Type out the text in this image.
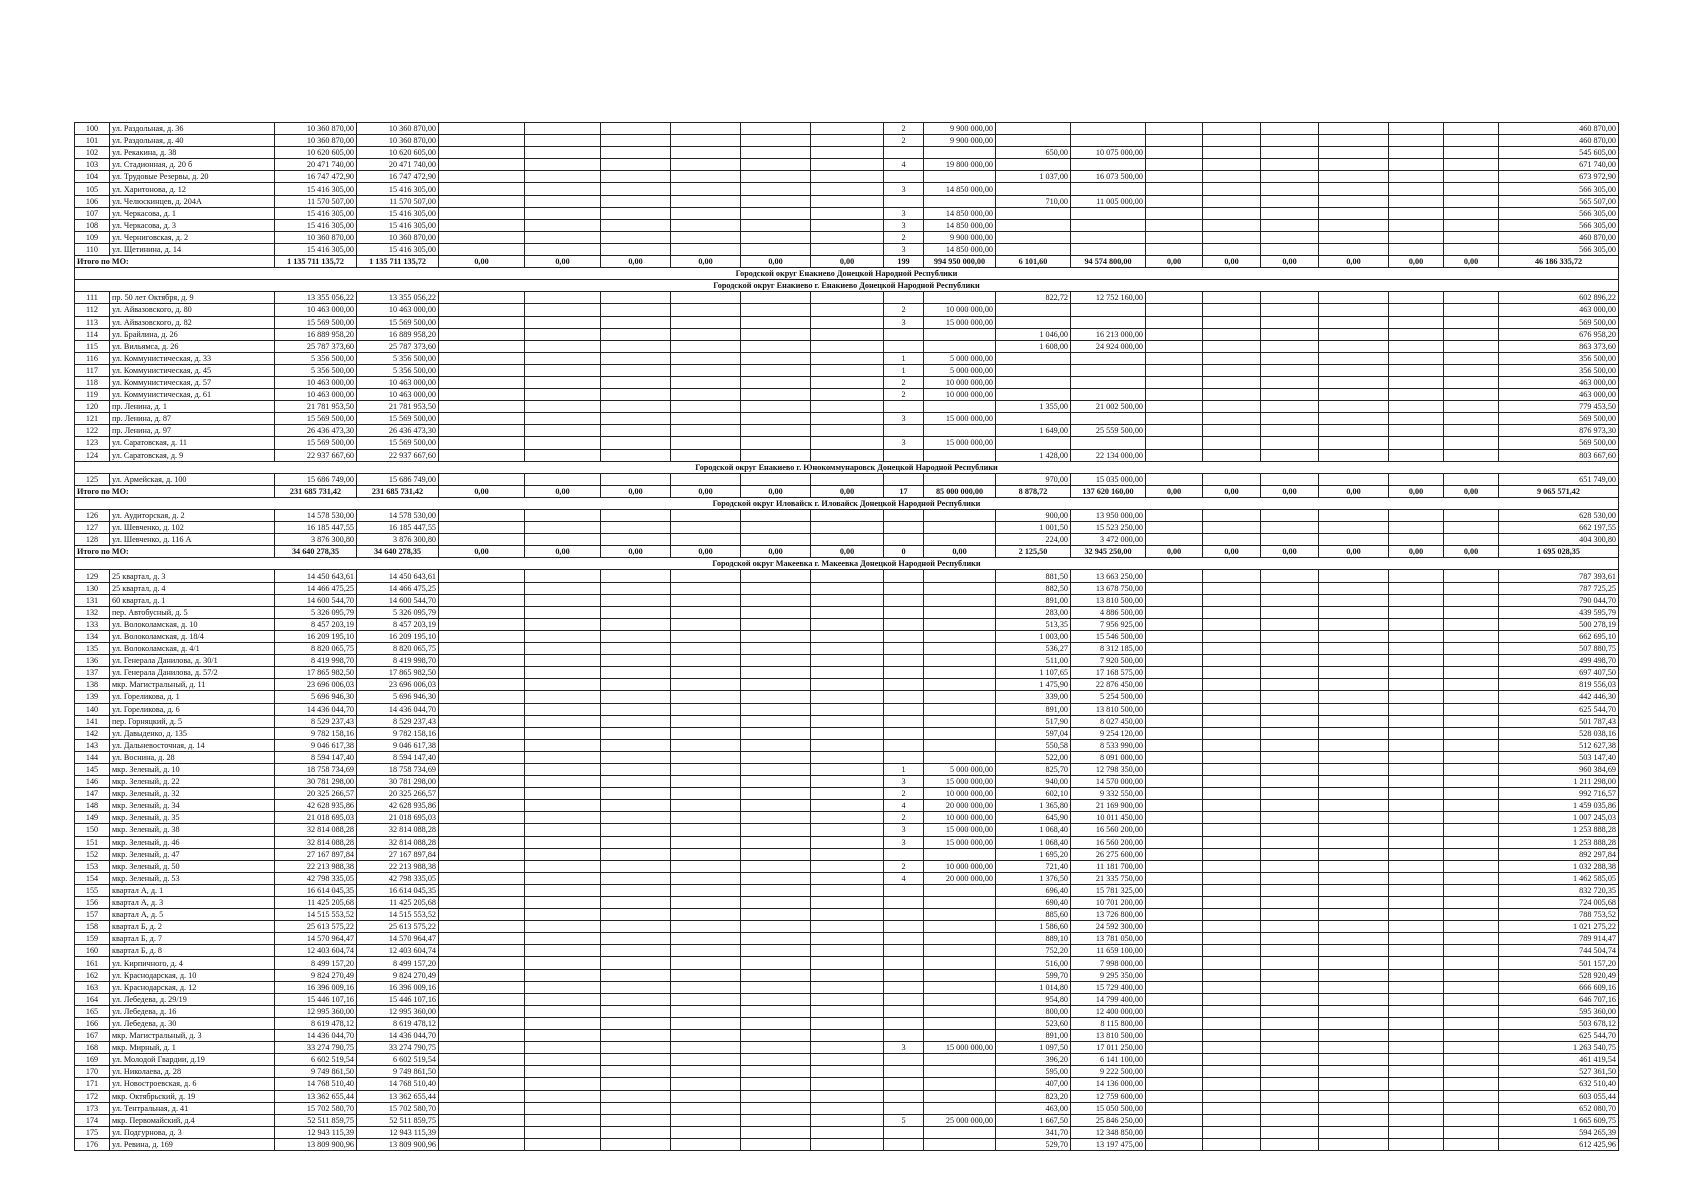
100	ул. Раздольная, д. 36	10 360 870,00	10 360 870,00							2	9 900 000,00									460 870,00
101	ул. Раздольная, д. 40	10 360 870,00	10 360 870,00							2	9 900 000,00									460 870,00
102	ул. Рекакина, д. 38	10 620 605,00	10 620 605,00									650,00	10 075 000,00							545 605,00
103	ул. Стадионная, д. 20 б	20 471 740,00	20 471 740,00							4	19 800 000,00									671 740,00
104	ул. Трудовые Резервы, д. 20	16 747 472,90	16 747 472,90									1 037,00	16 073 500,00							673 972,90
105	ул. Харитонова, д. 12	15 416 305,00	15 416 305,00							3	14 850 000,00									566 305,00
106	ул. Челюскинцев, д. 204А	11 570 507,00	11 570 507,00									710,00	11 005 000,00							565 507,00
107	ул. Черкасова, д. 1	15 416 305,00	15 416 305,00							3	14 850 000,00									566 305,00
108	ул. Черкасова, д. 3	15 416 305,00	15 416 305,00							3	14 850 000,00									566 305,00
109	ул. Черниговская, д. 2	10 360 870,00	10 360 870,00							2	9 900 000,00									460 870,00
110	ул. Щетинина, д. 14	15 416 305,00	15 416 305,00							3	14 850 000,00									566 305,00
Итого по МО:		1 135 711 135,72	1 135 711 135,72	0,00	0,00	0,00	0,00	0,00	0,00	199	994 950 000,00	6 101,60	94 574 800,00	0,00	0,00	0,00	0,00	0,00	0,00	46 186 335,72
Городской округ Енакиево Донецкой Народной Республики																				
Городской округ Енакиево г. Енакиево Донецкой Народной Республики																				
111	пр. 50 лет Октября, д. 9	13 355 056,22	13 355 056,22									822,72	12 752 160,00							602 896,22
112	ул. Айвазовского, д. 80	10 463 000,00	10 463 000,00							2	10 000 000,00									463 000,00
113	ул. Айвазовского, д. 82	15 569 500,00	15 569 500,00							3	15 000 000,00									569 500,00
114	ул. Брайлина, д. 26	16 889 958,20	16 889 958,20									1 046,00	16 213 000,00							676 958,20
115	ул. Вильямса, д. 26	25 787 373,60	25 787 373,60									1 608,00	24 924 000,00							863 373,60
116	ул. Коммунистическая, д. 33	5 356 500,00	5 356 500,00							1	5 000 000,00									356 500,00
117	ул. Коммунистическая, д. 45	5 356 500,00	5 356 500,00							1	5 000 000,00									356 500,00
118	ул. Коммунистическая, д. 57	10 463 000,00	10 463 000,00							2	10 000 000,00									463 000,00
119	ул. Коммунистическая, д. 61	10 463 000,00	10 463 000,00							2	10 000 000,00									463 000,00
120	пр. Ленина, д. 1	21 781 953,50	21 781 953,50									1 355,00	21 002 500,00							779 453,50
121	пр. Ленина, д. 87	15 569 500,00	15 569 500,00							3	15 000 000,00									569 500,00
122	пр. Ленина, д. 97	26 436 473,30	26 436 473,30									1 649,00	25 559 500,00							876 973,30
123	ул. Саратовская, д. 11	15 569 500,00	15 569 500,00							3	15 000 000,00									569 500,00
124	ул. Саратовская, д. 9	22 937 667,60	22 937 667,60									1 428,00	22 134 000,00							803 667,60
Городской округ Енакиево г. Юнокоммунаровск Донецкой Народной Республики																				
125	ул. Армейская, д. 100	15 686 749,00	15 686 749,00									970,00	15 035 000,00							651 749,00
Итого по МО:		231 685 731,42	231 685 731,42	0,00	0,00	0,00	0,00	0,00	0,00	17	85 000 000,00	8 878,72	137 620 160,00	0,00	0,00	0,00	0,00	0,00	0,00	9 065 571,42
Городской округ Иловайск г. Иловайск Донецкой Народной Республики																				
126	ул. Аудиторская, д. 2	14 578 530,00	14 578 530,00									900,00	13 950 000,00							628 530,00
127	ул. Шевченко, д. 102	16 185 447,55	16 185 447,55									1 001,50	15 523 250,00							662 197,55
128	ул. Шевченко, д. 116 А	3 876 300,80	3 876 300,80									224,00	3 472 000,00							404 300,80
Итого по МО:		34 640 278,35	34 640 278,35	0,00	0,00	0,00	0,00	0,00	0,00	0	0,00	2 125,50	32 945 250,00	0,00	0,00	0,00	0,00	0,00	0,00	1 695 028,35
Городской округ Макеевка г. Макеевка Донецкой Народной Республики																				
129	25 квартал, д. 3	14 450 643,61	14 450 643,61									881,50	13 663 250,00							787 393,61
130	25 квартал, д. 4	14 466 475,25	14 466 475,25									882,50	13 678 750,00							787 725,25
131	60 квартал, д. 1	14 600 544,70	14 600 544,70									891,00	13 810 500,00							790 044,70
132	пер. Автобусный, д. 5	5 326 095,79	5 326 095,79									283,00	4 886 500,00							439 595,79
133	ул. Волоколамская, д. 10	8 457 203,19	8 457 203,19									513,35	7 956 925,00							500 278,19
134	ул. Волоколамская, д. 18/4	16 209 195,10	16 209 195,10									1 003,00	15 546 500,00							662 695,10
135	ул. Волоколамская, д. 4/1	8 820 065,75	8 820 065,75									536,27	8 312 185,00							507 880,75
136	ул. Генерала Данилова, д. 30/1	8 419 998,70	8 419 998,70									511,00	7 920 500,00							499 498,70
137	ул. Генерала Данилова, д. 57/2	17 865 982,50	17 865 982,50									1 107,65	17 168 575,00							697 407,50
138	мкр. Магистральный, д. 11	23 696 006,03	23 696 006,03									1 475,90	22 876 450,00							819 556,03
139	ул. Гореликова, д. 1	5 696 946,30	5 696 946,30									339,00	5 254 500,00							442 446,30
140	ул. Гореликова, д. 6	14 436 044,70	14 436 044,70									891,00	13 810 500,00							625 544,70
141	пер. Горняцкий, д. 5	8 529 237,43	8 529 237,43									517,90	8 027 450,00							501 787,43
142	ул. Давыденко, д. 135	9 782 158,16	9 782 158,16									597,04	9 254 120,00							528 038,16
143	ул. Дальневосточная, д. 14	9 046 617,38	9 046 617,38									550,58	8 533 990,00							512 627,38
144	ул. Воснина, д. 28	8 594 147,40	8 594 147,40									522,00	8 091 000,00							503 147,40
145	мкр. Зеленый, д. 10	18 758 734,69	18 758 734,69							1	5 000 000,00	825,70	12 798 350,00							960 384,69
146	мкр. Зеленый, д. 22	30 781 298,00	30 781 298,00							3	15 000 000,00	940,00	14 570 000,00							1 211 298,00
147	мкр. Зеленый, д. 32	20 325 266,57	20 325 266,57							2	10 000 000,00	602,10	9 332 550,00							992 716,57
148	мкр. Зеленый, д. 34	42 628 935,86	42 628 935,86							4	20 000 000,00	1 365,80	21 169 900,00							1 459 035,86
149	мкр. Зеленый, д. 35	21 018 695,03	21 018 695,03							2	10 000 000,00	645,90	10 011 450,00							1 007 245,03
150	мкр. Зеленый, д. 38	32 814 088,28	32 814 088,28							3	15 000 000,00	1 068,40	16 560 200,00							1 253 888,28
151	мкр. Зеленый, д. 46	32 814 088,28	32 814 088,28							3	15 000 000,00	1 068,40	16 560 200,00							1 253 888,28
152	мкр. Зеленый, д. 47	27 167 897,84	27 167 897,84									1 695,20	26 275 600,00							892 297,84
153	мкр. Зеленый, д. 50	22 213 988,38	22 213 988,38							2	10 000 000,00	721,40	11 181 700,00							1 032 288,38
154	мкр. Зеленый, д. 53	42 798 335,05	42 798 335,05							4	20 000 000,00	1 376,50	21 335 750,00							1 462 585,05
155	квартал А, д. 1	16 614 045,35	16 614 045,35									696,40	15 781 325,00							832 720,35
156	квартал А, д. 3	11 425 205,68	11 425 205,68									690,40	10 701 200,00							724 005,68
157	квартал А, д. 5	14 515 553,52	14 515 553,52									885,60	13 726 800,00							788 753,52
158	квартал Б, д. 2	25 613 575,22	25 613 575,22									1 586,60	24 592 300,00							1 021 275,22
159	квартал Б, д. 7	14 570 964,47	14 570 964,47									889,10	13 781 050,00							789 914,47
160	квартал Б, д. 8	12 403 604,74	12 403 604,74									752,20	11 659 100,00							744 504,74
161	ул. Кирпичного, д. 4	8 499 157,20	8 499 157,20									516,00	7 998 000,00							501 157,20
162	ул. Краснодарская, д. 10	9 824 270,49	9 824 270,49									599,70	9 295 350,00							528 920,49
163	ул. Краснодарская, д. 12	16 396 009,16	16 396 009,16									1 014,80	15 729 400,00							666 609,16
164	ул. Лебедева, д. 29/19	15 446 107,16	15 446 107,16									954,80	14 799 400,00							646 707,16
165	ул. Лебедева, д. 16	12 995 360,00	12 995 360,00									800,00	12 400 000,00							595 360,00
166	ул. Лебедева, д. 30	8 619 478,12	8 619 478,12									523,60	8 115 800,00							503 678,12
167	мкр. Магистральный, д. 3	14 436 044,70	14 436 044,70									891,00	13 810 500,00							625 544,70
168	мкр. Мирный, д. 1	33 274 790,75	33 274 790,75							3	15 000 000,00	1 097,50	17 011 250,00							1 263 540,75
169	ул. Молодой Гвардии, д.19	6 602 519,54	6 602 519,54									396,20	6 141 100,00							461 419,54
170	ул. Николаева, д. 28	9 749 861,50	9 749 861,50									595,00	9 222 500,00							527 361,50
171	ул. Новостроевская, д. 6	14 768 510,40	14 768 510,40									407,00	14 136 000,00							632 510,40
172	мкр. Октябрьский, д. 19	13 362 655,44	13 362 655,44									823,20	12 759 600,00							603 055,44
173	ул. Тентральная, д. 41	15 702 580,70	15 702 580,70									463,00	15 050 500,00							652 080,70
174	мкр. Первомайский, д.4	52 511 859,75	52 511 859,75							5	25 000 000,00	1 667,50	25 846 250,00							1 665 609,75
175	ул. Подгурнова, д. 3	12 943 115,39	12 943 115,39									341,70	12 348 850,00							594 265,39
176	ул. Ревина, д. 169	13 809 900,96	13 809 900,96									529,70	13 197 475,00							612 425,96
